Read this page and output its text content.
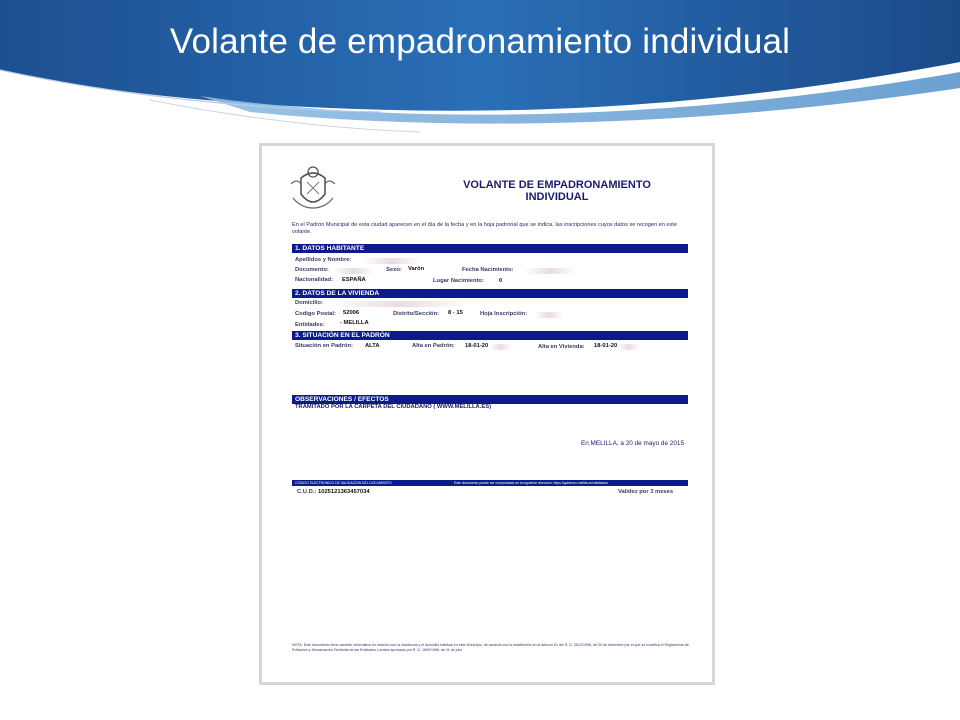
Volante de empadronamiento individual
VOLANTE DE EMPADRONAMIENTO
INDIVIDUAL
En el Padrón Municipal de esta ciudad aparecen en el día de la fecha y en la hoja padronal que se indica, las inscripciones cuyos datos se recogen en este volante.
1. DATOS HABITANTE
Apellidos y Nombre:
Documento:	Sexo: Varón	Fecha Nacimiento:
Nacionalidad: ESPAÑA	Lugar Nacimiento:	0
2. DATOS DE LA VIVIENDA
Domicilio:
Codigo Postal: 52006	Distrito/Sección: 8 - 15	Hoja Inscripción:
Entidades:	- MELILLA
3. SITUACIÓN EN EL PADRÓN
Situación en Padrón: ALTA	Alta en Padrón: 18-01-20	Alta en Vivienda: 18-01-20
OBSERVACIONES / EFECTOS
TRAMITADO POR LA CARPETA DEL CIUDADANO ( WWW.MELILLA.ES)
En MELILLA, a 20 de mayo de 2015
CODIGO ELECTRONICO DE VALIDACION DEL DOCUMENTO	Este documento puede ser comprobado en la siguiente dirección: https://gobierno.melilla.es/validacion
C.U.D.: 1025121363457034	Validez por 3 meses
NOTA: Este documento tiene carácter informativo en relación con la residencia y el domicilio habitual en este Municipio, de acuerdo con lo establecido en el artículo 61 del R. D. 2612/1996, de 20 de diciembre por el que se modifica el Reglamento de Población y Demarcación Territorial de las Entidades Locales aprobado por R. D. 1690/1986, de 11 de julio.
